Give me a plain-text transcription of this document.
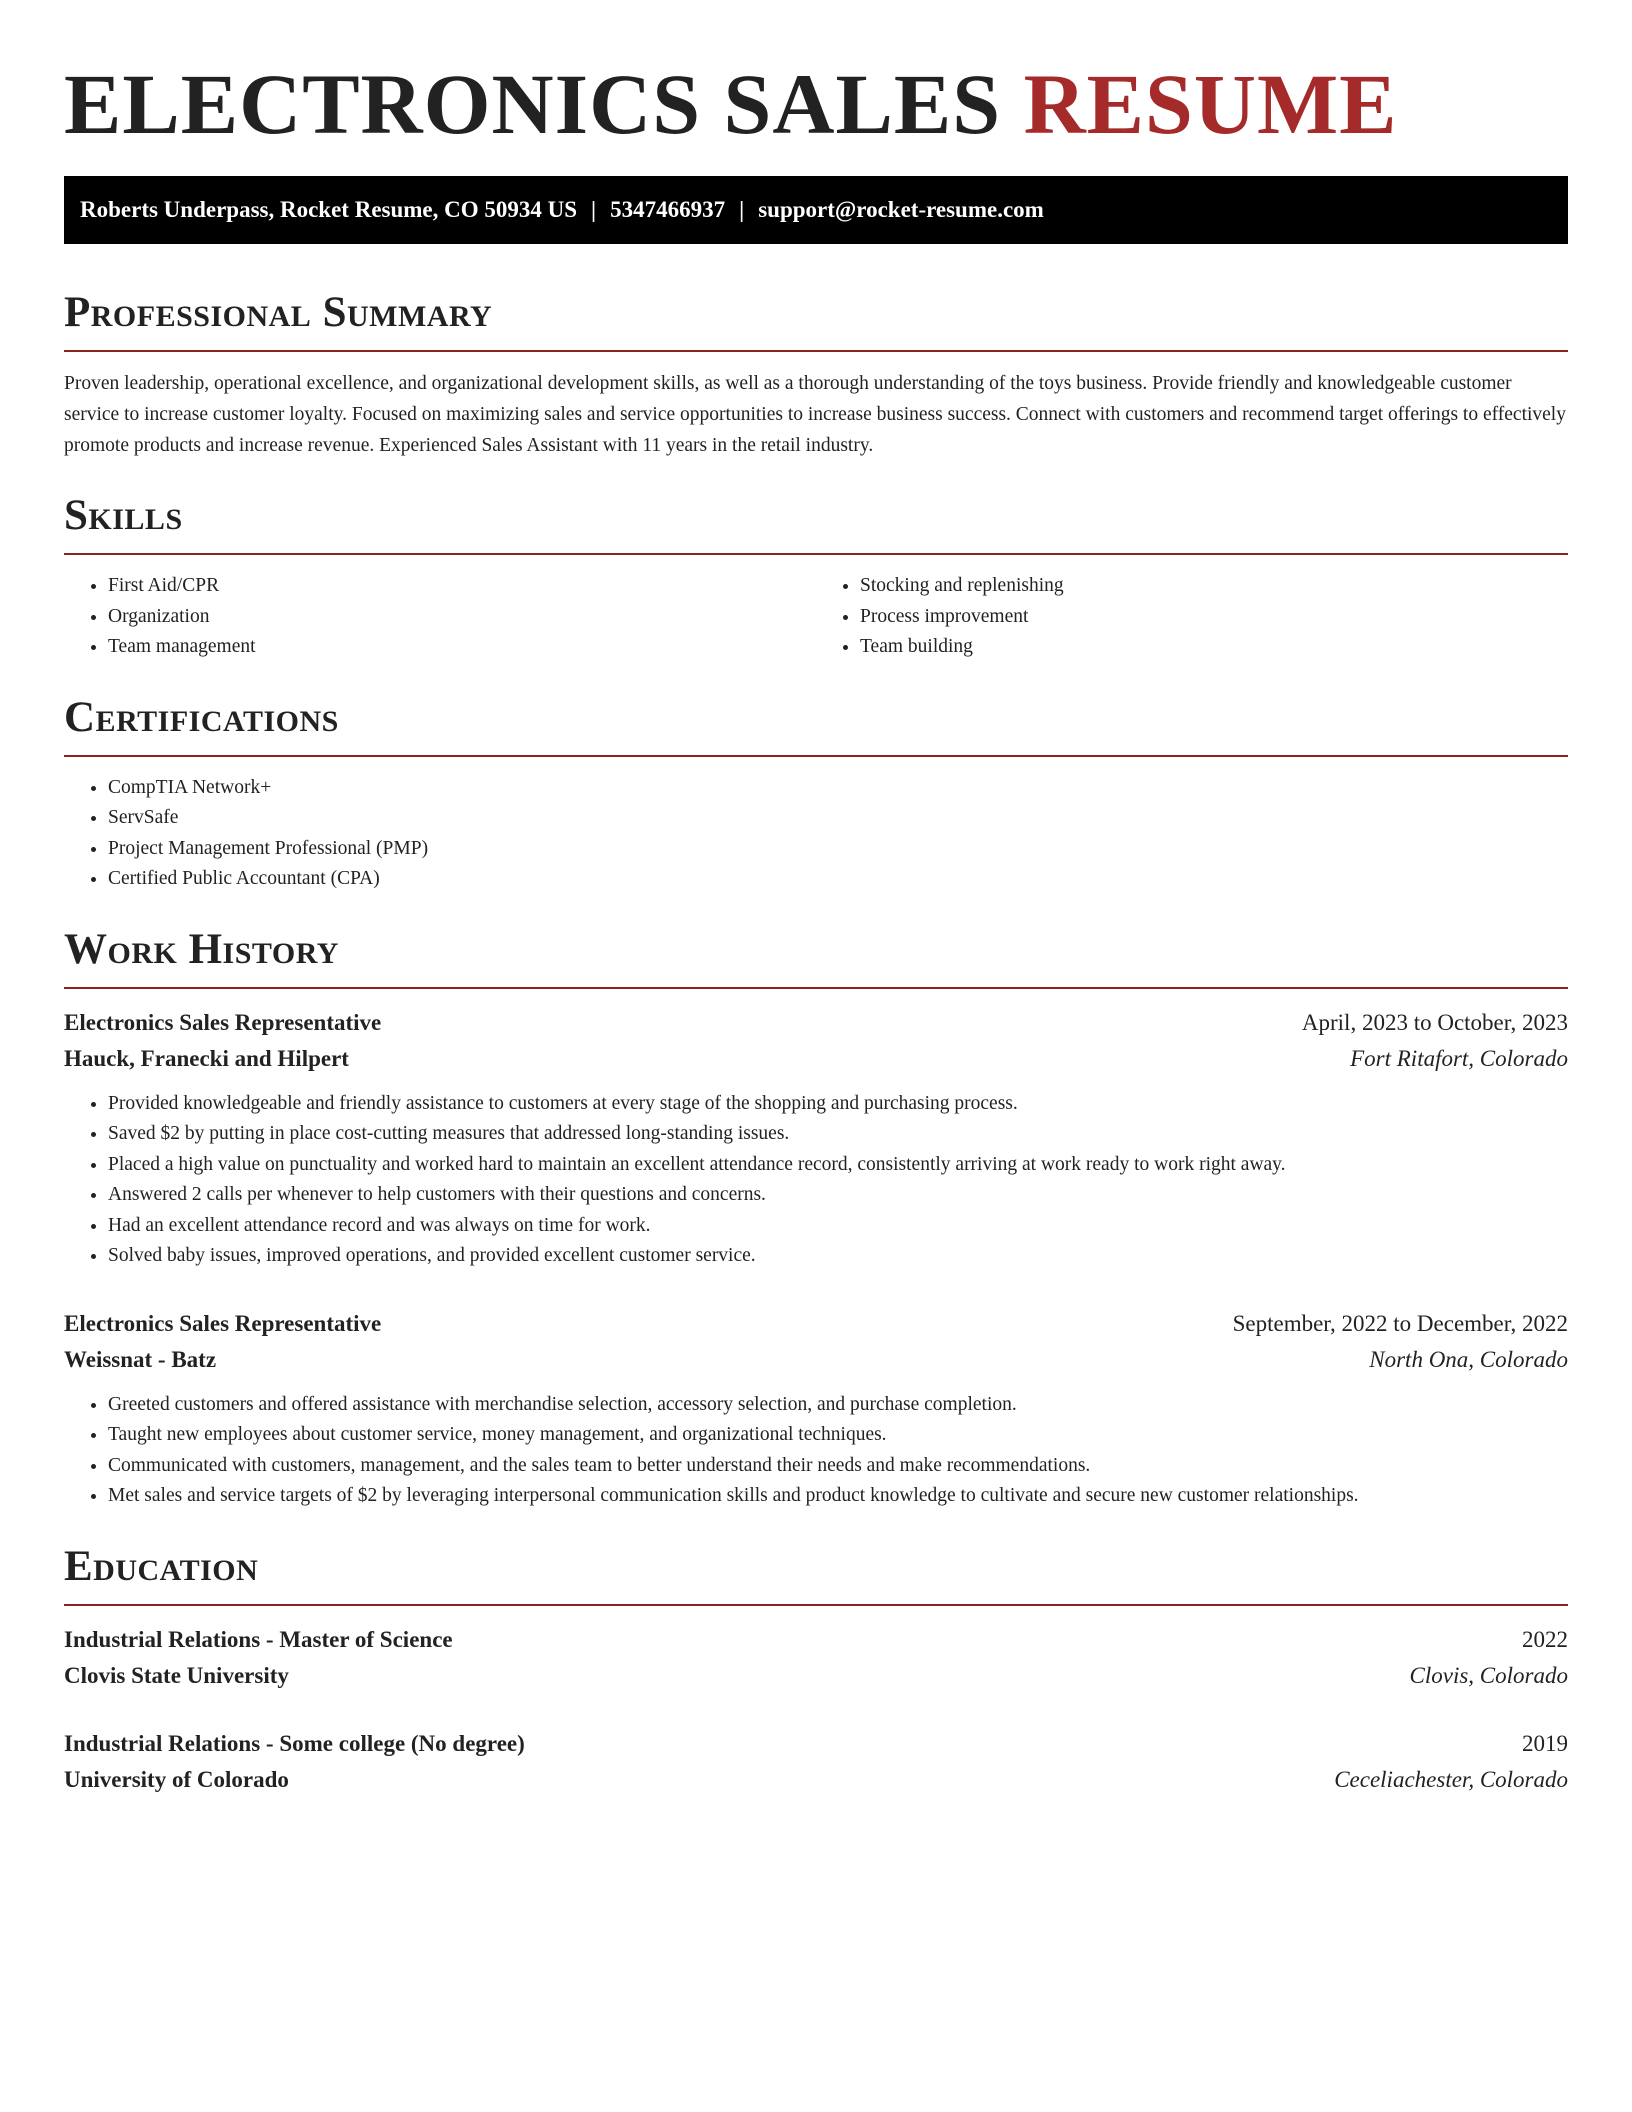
ELECTRONICS SALES RESUME
Roberts Underpass, Rocket Resume, CO 50934 US | 5347466937 | support@rocket-resume.com
Professional Summary

Proven leadership, operational excellence, and organizational development skills, as well as a thorough understanding of the toys business. Provide friendly and knowledgeable customer service to increase customer loyalty. Focused on maximizing sales and service opportunities to increase business success. Connect with customers and recommend target offerings to effectively promote products and increase revenue. Experienced Sales Assistant with 11 years in the retail industry.

Skills
• First Aid/CPR
• Organization
• Team management
• Stocking and replenishing
• Process improvement
• Team building
Certifications
• CompTIA Network+
• ServSafe
• Project Management Professional (PMP)
• Certified Public Accountant (CPA)
Work History
Electronics Sales Representative	April, 2023 to October, 2023
Hauck, Franecki and Hilpert	Fort Ritafort, Colorado
• Provided knowledgeable and friendly assistance to customers at every stage of the shopping and purchasing process.
• Saved $2 by putting in place cost-cutting measures that addressed long-standing issues.
• Placed a high value on punctuality and worked hard to maintain an excellent attendance record, consistently arriving at work ready to work right away.
• Answered 2 calls per whenever to help customers with their questions and concerns.
• Had an excellent attendance record and was always on time for work.
• Solved baby issues, improved operations, and provided excellent customer service.
Electronics Sales Representative	September, 2022 to December, 2022
Weissnat - Batz	North Ona, Colorado
• Greeted customers and offered assistance with merchandise selection, accessory selection, and purchase completion.
• Taught new employees about customer service, money management, and organizational techniques.
• Communicated with customers, management, and the sales team to better understand their needs and make recommendations.
• Met sales and service targets of $2 by leveraging interpersonal communication skills and product knowledge to cultivate and secure new customer relationships.
Education
Industrial Relations - Master of Science	2022
Clovis State University	Clovis, Colorado
Industrial Relations - Some college (No degree)	2019
University of Colorado	Ceceliachester, Colorado
